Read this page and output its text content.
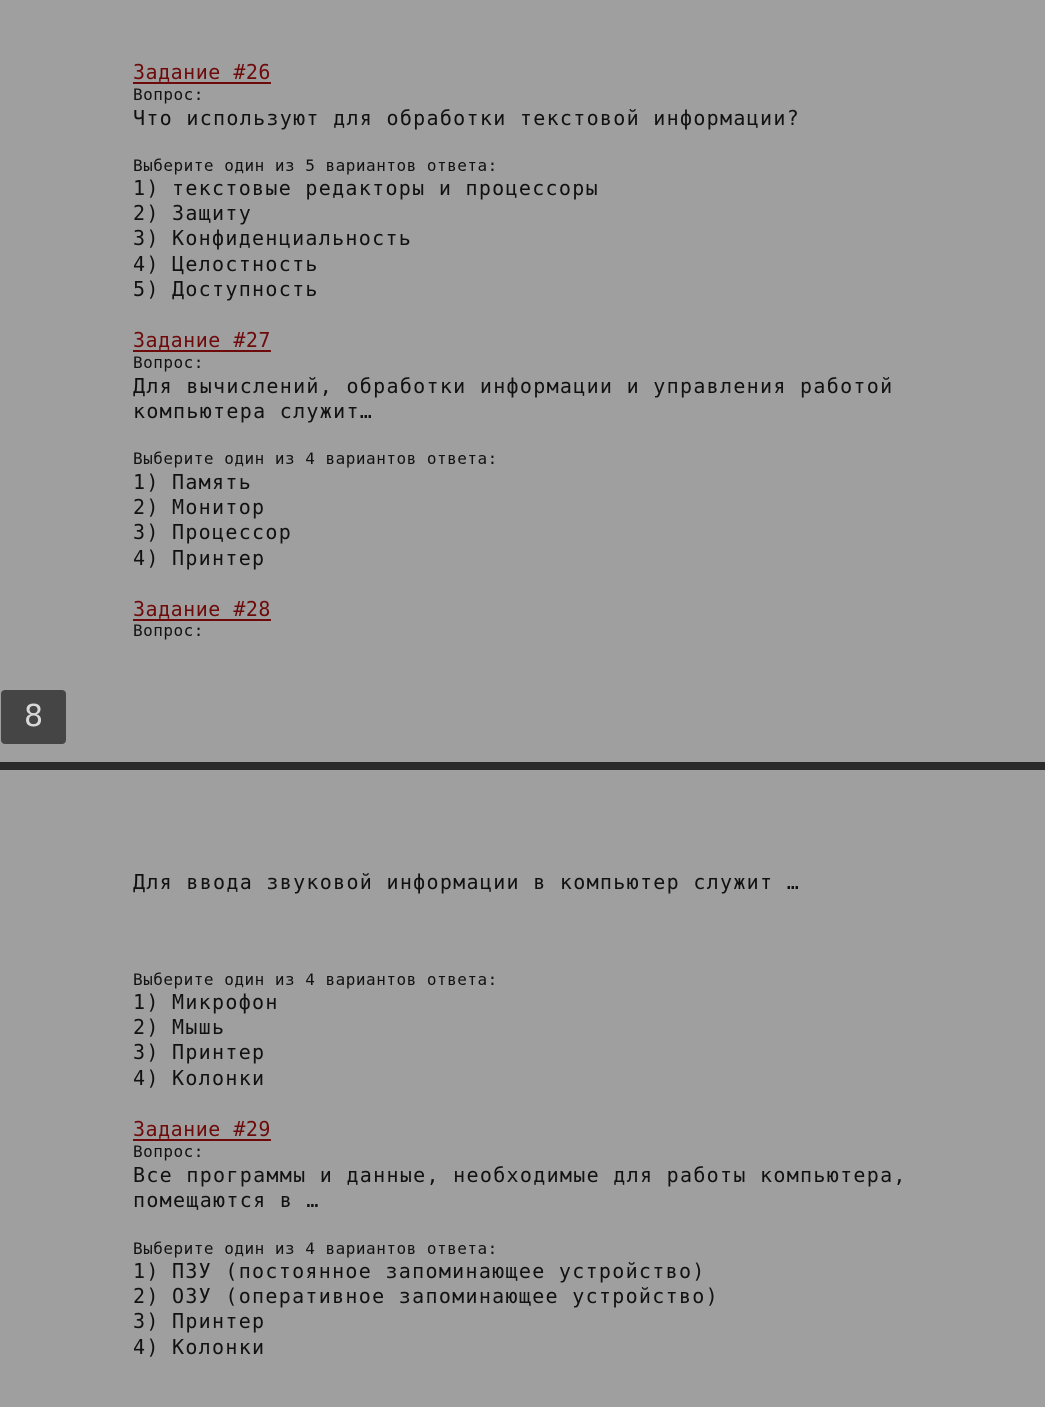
Задание #26
Вопрос:
Что используют для обработки текстовой информации?
Выберите один из 5 вариантов ответа:
1) текстовые редакторы и процессоры
2) Защиту
3) Конфиденциальность
4) Целостность
5) Доступность
Задание #27
Вопрос:
Для вычислений, обработки информации и управления работой
компьютера служит…
Выберите один из 4 вариантов ответа:
1) Память
2) Монитор
3) Процессор
4) Принтер
Задание #28
Вопрос:
8
Для ввода звуковой информации в компьютер служит …
Выберите один из 4 вариантов ответа:
1) Микрофон
2) Мышь
3) Принтер
4) Колонки
Задание #29
Вопрос:
Все программы и данные, необходимые для работы компьютера,
помещаются в …
Выберите один из 4 вариантов ответа:
1) ПЗУ (постоянное запоминающее устройство)
2) ОЗУ (оперативное запоминающее устройство)
3) Принтер
4) Колонки
